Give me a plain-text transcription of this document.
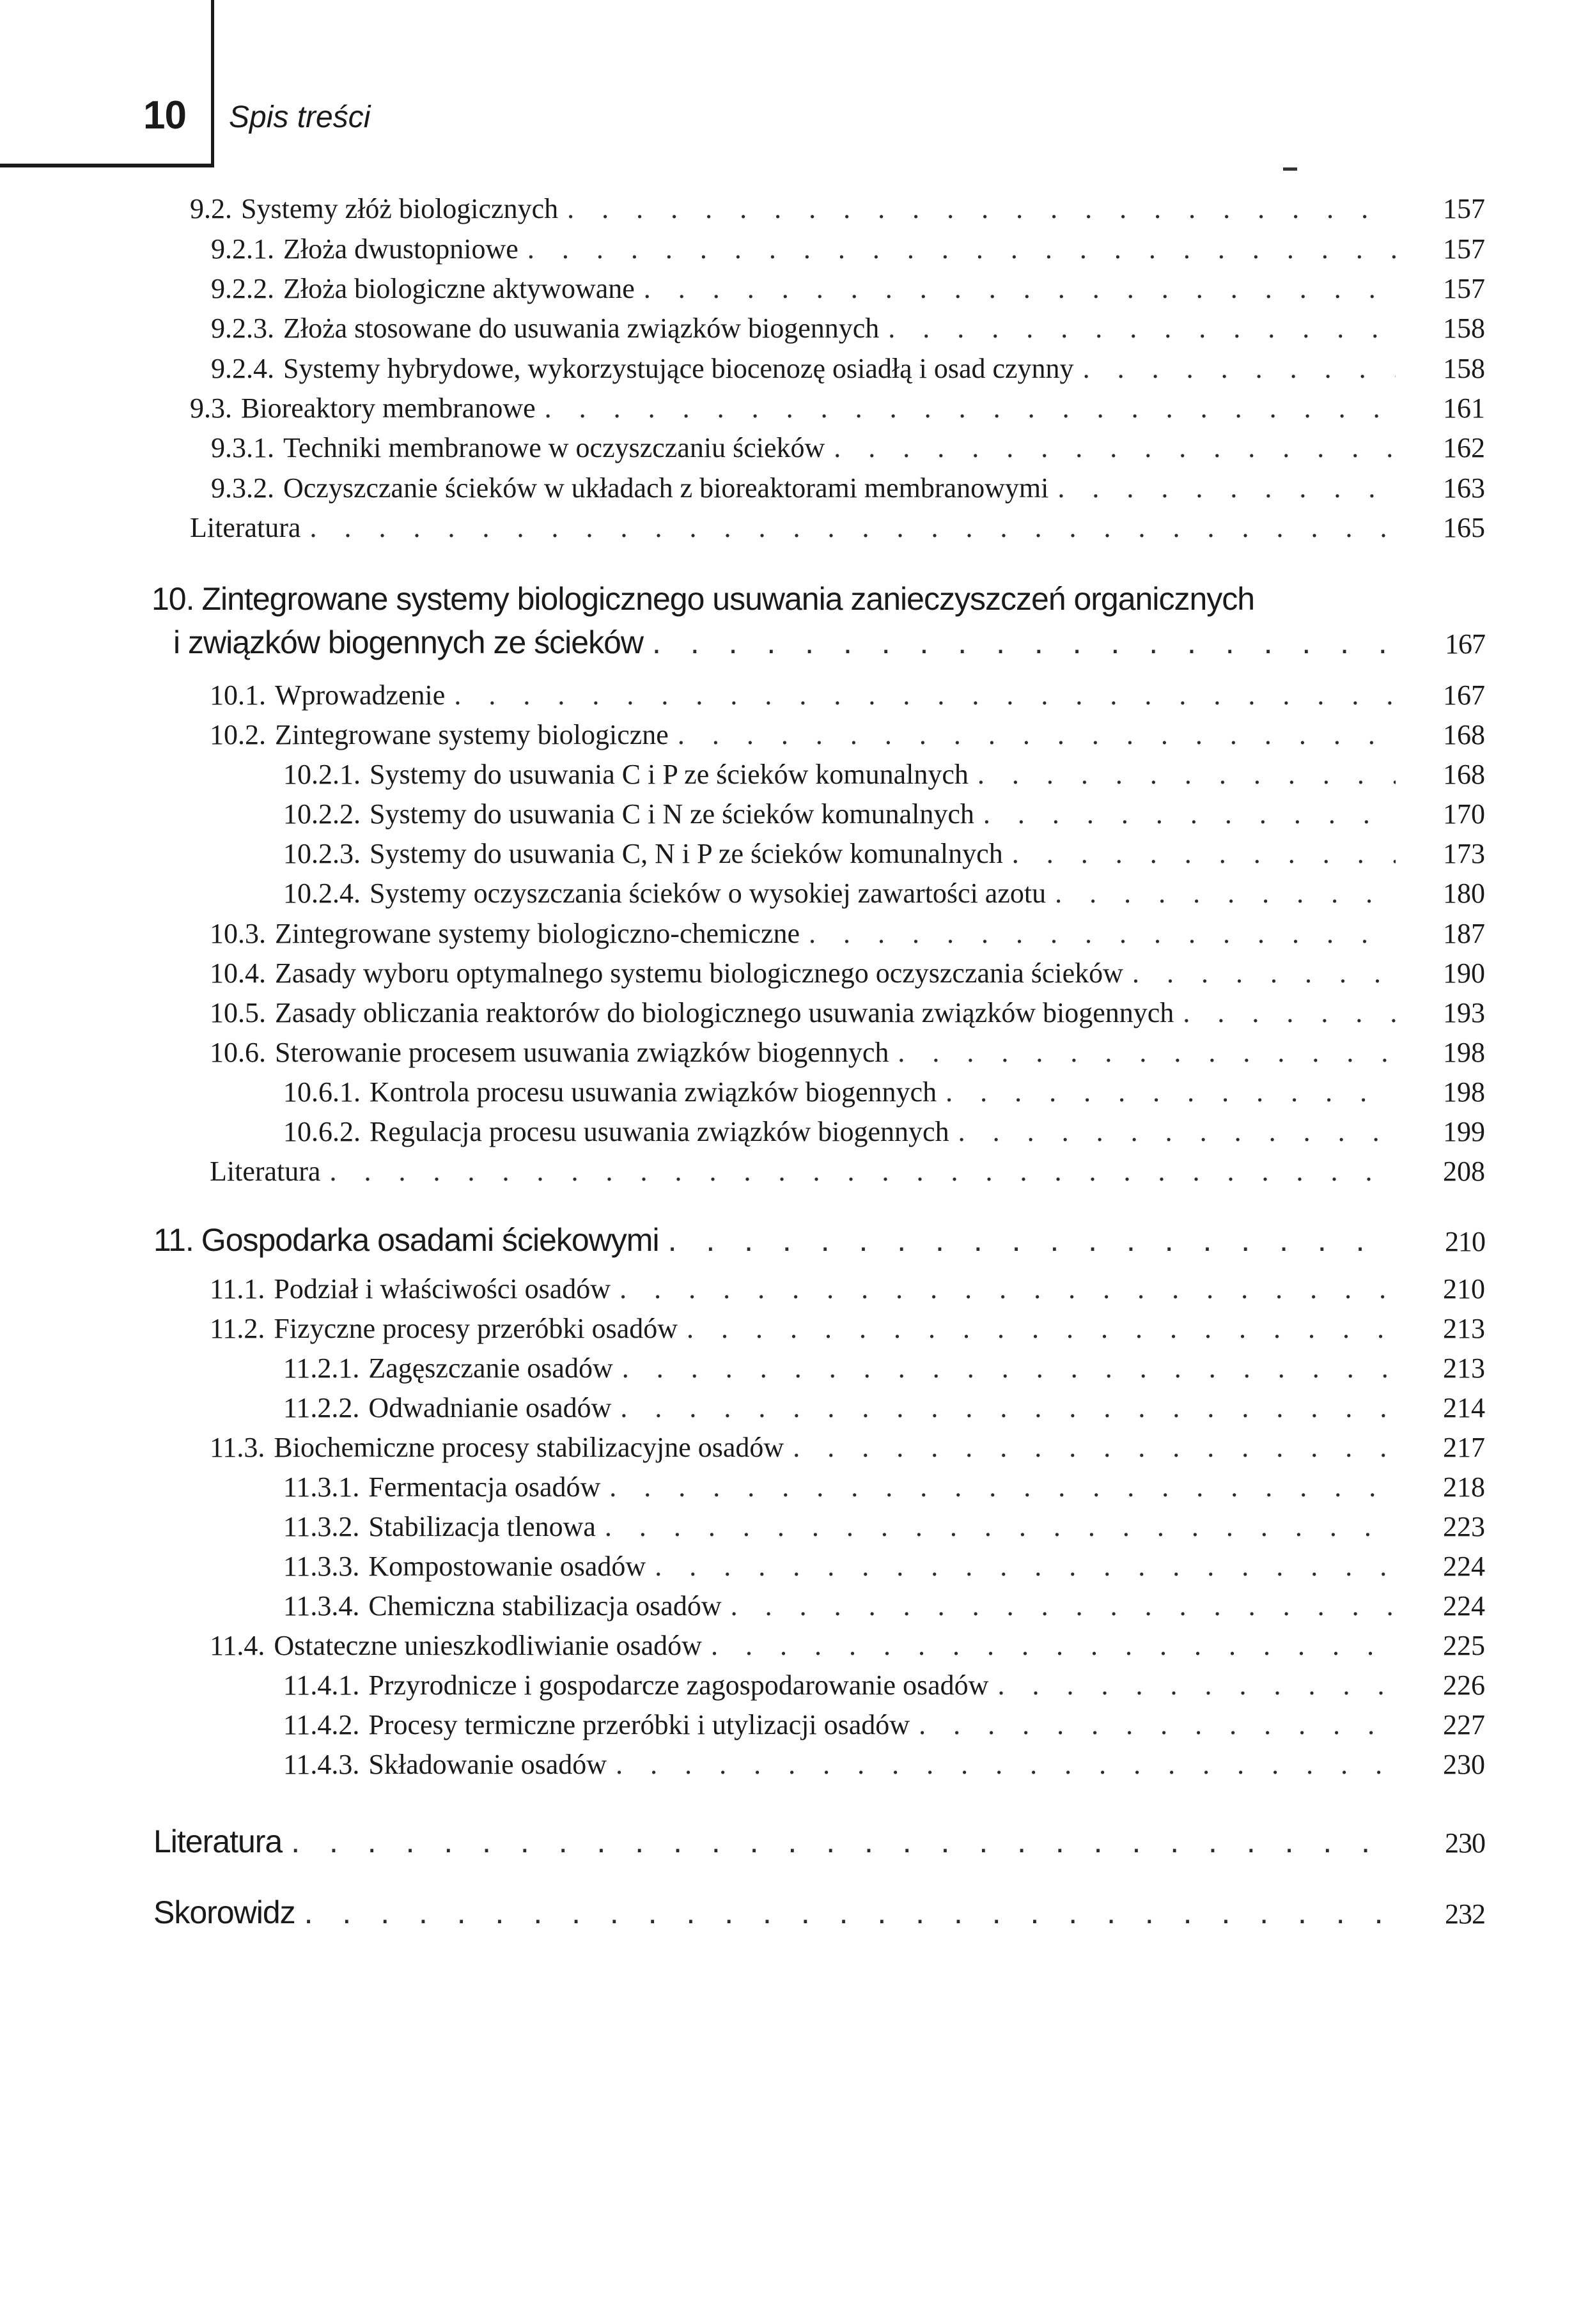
10 Spis treści
9.2. Systemy złóż biologicznych . . .	157
9.2.1. Złoża dwustopniowe . . .	157
9.2.2. Złoża biologiczne aktywowane . . .	157
9.2.3. Złoża stosowane do usuwania związków biogennych . . .	158
9.2.4. Systemy hybrydowe, wykorzystujące biocenozę osiadłą i osad czynny . . .	158
9.3. Bioreaktory membranowe . . .	161
9.3.1. Techniki membranowe w oczyszczaniu ścieków . . .	162
9.3.2. Oczyszczanie ścieków w układach z bioreaktorami membranowymi . . .	163
Literatura . . .	165
10. Zintegrowane systemy biologicznego usuwania zanieczyszczeń organicznych
i związków biogennych ze ścieków . . .	167
10.1. Wprowadzenie . . .	167
10.2. Zintegrowane systemy biologiczne . . .	168
10.2.1. Systemy do usuwania C i P ze ścieków komunalnych . . .	168
10.2.2. Systemy do usuwania C i N ze ścieków komunalnych . . .	170
10.2.3. Systemy do usuwania C, N i P ze ścieków komunalnych . . .	173
10.2.4. Systemy oczyszczania ścieków o wysokiej zawartości azotu . . .	180
10.3. Zintegrowane systemy biologiczno-chemiczne . . .	187
10.4. Zasady wyboru optymalnego systemu biologicznego oczyszczania ścieków . . .	190
10.5. Zasady obliczania reaktorów do biologicznego usuwania związków biogennych . . .	193
10.6. Sterowanie procesem usuwania związków biogennych . . .	198
10.6.1. Kontrola procesu usuwania związków biogennych . . .	198
10.6.2. Regulacja procesu usuwania związków biogennych . . .	199
Literatura . . .	208
11. Gospodarka osadami ściekowymi . . .	210
11.1. Podział i właściwości osadów . . .	210
11.2. Fizyczne procesy przeróbki osadów . . .	213
11.2.1. Zagęszczanie osadów . . .	213
11.2.2. Odwadnianie osadów . . .	214
11.3. Biochemiczne procesy stabilizacyjne osadów . . .	217
11.3.1. Fermentacja osadów . . .	218
11.3.2. Stabilizacja tlenowa . . .	223
11.3.3. Kompostowanie osadów . . .	224
11.3.4. Chemiczna stabilizacja osadów . . .	224
11.4. Ostateczne unieszkodliwianie osadów . . .	225
11.4.1. Przyrodnicze i gospodarcze zagospodarowanie osadów . . .	226
11.4.2. Procesy termiczne przeróbki i utylizacji osadów . . .	227
11.4.3. Składowanie osadów . . .	230
Literatura . . .	230
Skorowidz . . .	232
